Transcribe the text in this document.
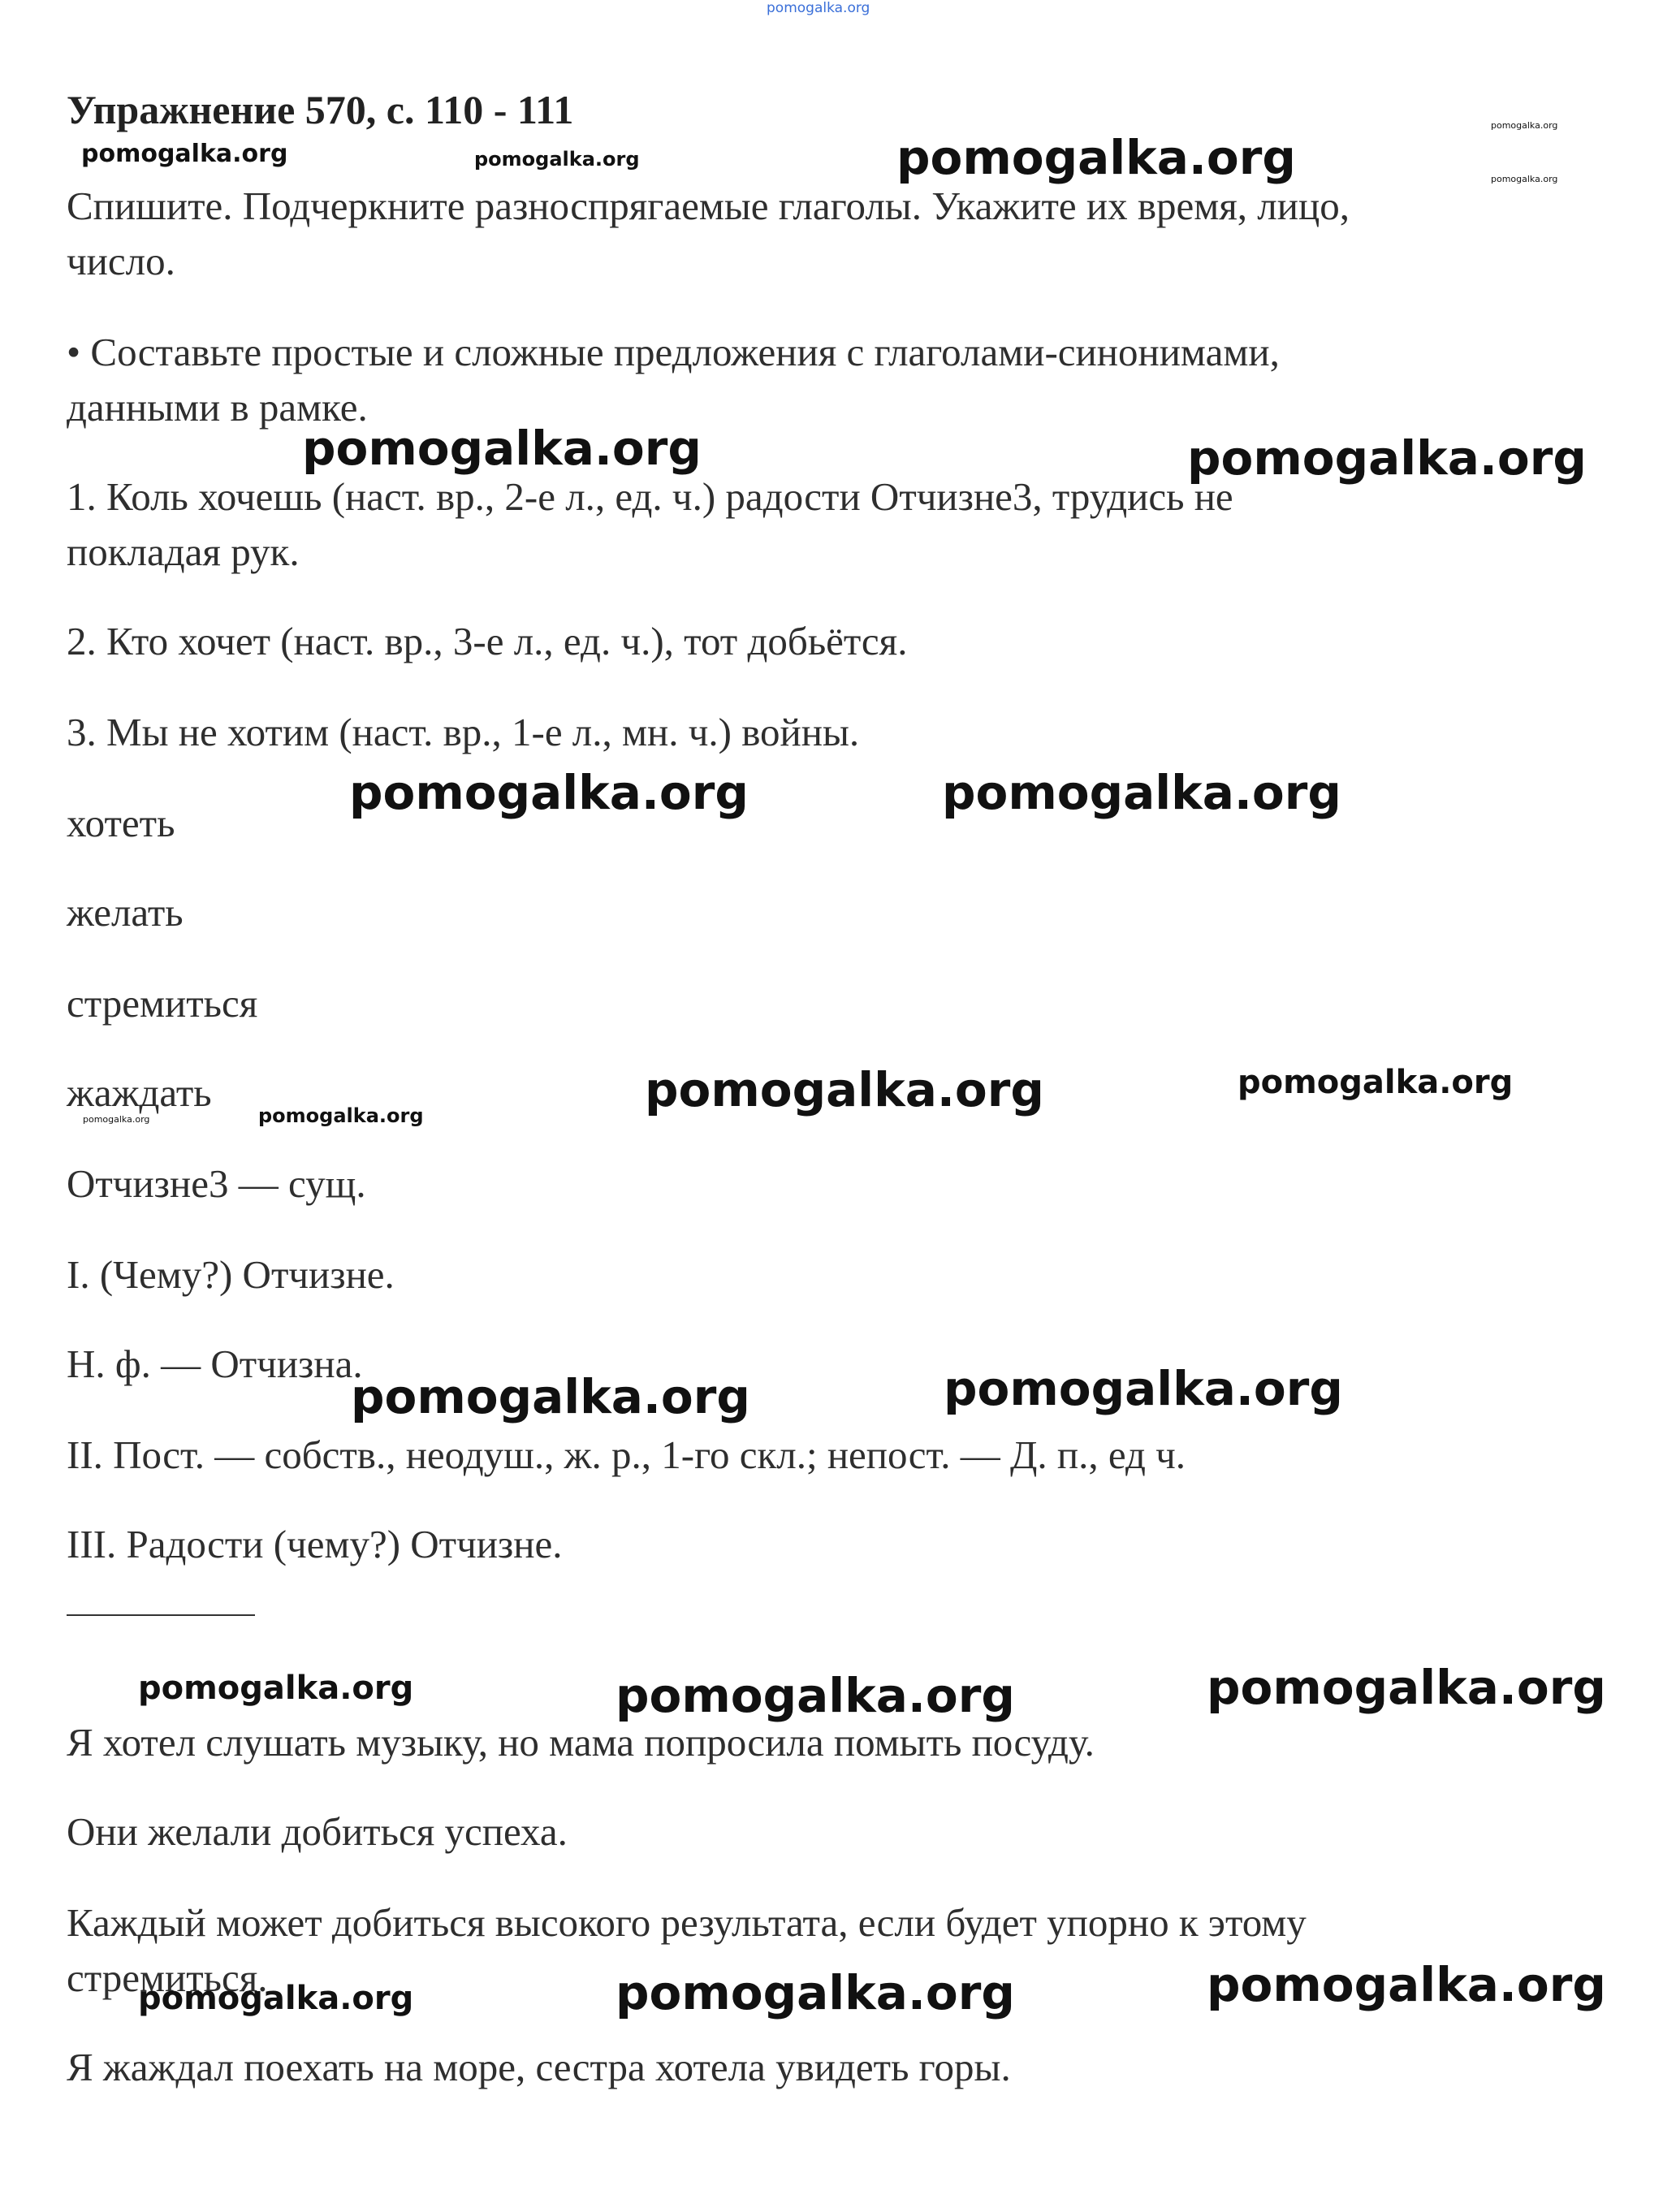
pomogalka.org
Упражнение 570, с. 110 - 111
Спишите. Подчеркните разноспрягаемые глаголы. Укажите их время, лицо,
число.
• Составьте простые и сложные предложения с глаголами-синонимами,
данными в рамке.
1. Коль хочешь (наст. вр., 2-е л., ед. ч.) радости Отчизне3, трудись не
покладая рук.
2. Кто хочет (наст. вр., 3-е л., ед. ч.), тот добьётся.
3. Мы не хотим (наст. вр., 1-е л., мн. ч.) войны.
хотеть
желать
стремиться
жаждать
Отчизне3 — сущ.
I. (Чему?) Отчизне.
Н. ф. — Отчизна.
II. Пост. — собств., неодуш., ж. р., 1-го скл.; непост. — Д. п., ед ч.
III. Радости (чему?) Отчизне.
Я хотел слушать музыку, но мама попросила помыть посуду.
Они желали добиться успеха.
Каждый может добиться высокого результата, если будет упорно к этому
стремиться.
Я жаждал поехать на море, сестра хотела увидеть горы.
pomogalka.org	pomogalka.org	pomogalka.org
pomogalka.org
pomogalka.org
pomogalka.org	pomogalka.org
pomogalka.org	pomogalka.org
pomogalka.org	pomogalka.org	pomogalka.org	pomogalka.org
pomogalka.org	pomogalka.org
pomogalka.org	pomogalka.org	pomogalka.org
pomogalka.org	pomogalka.org	pomogalka.org
